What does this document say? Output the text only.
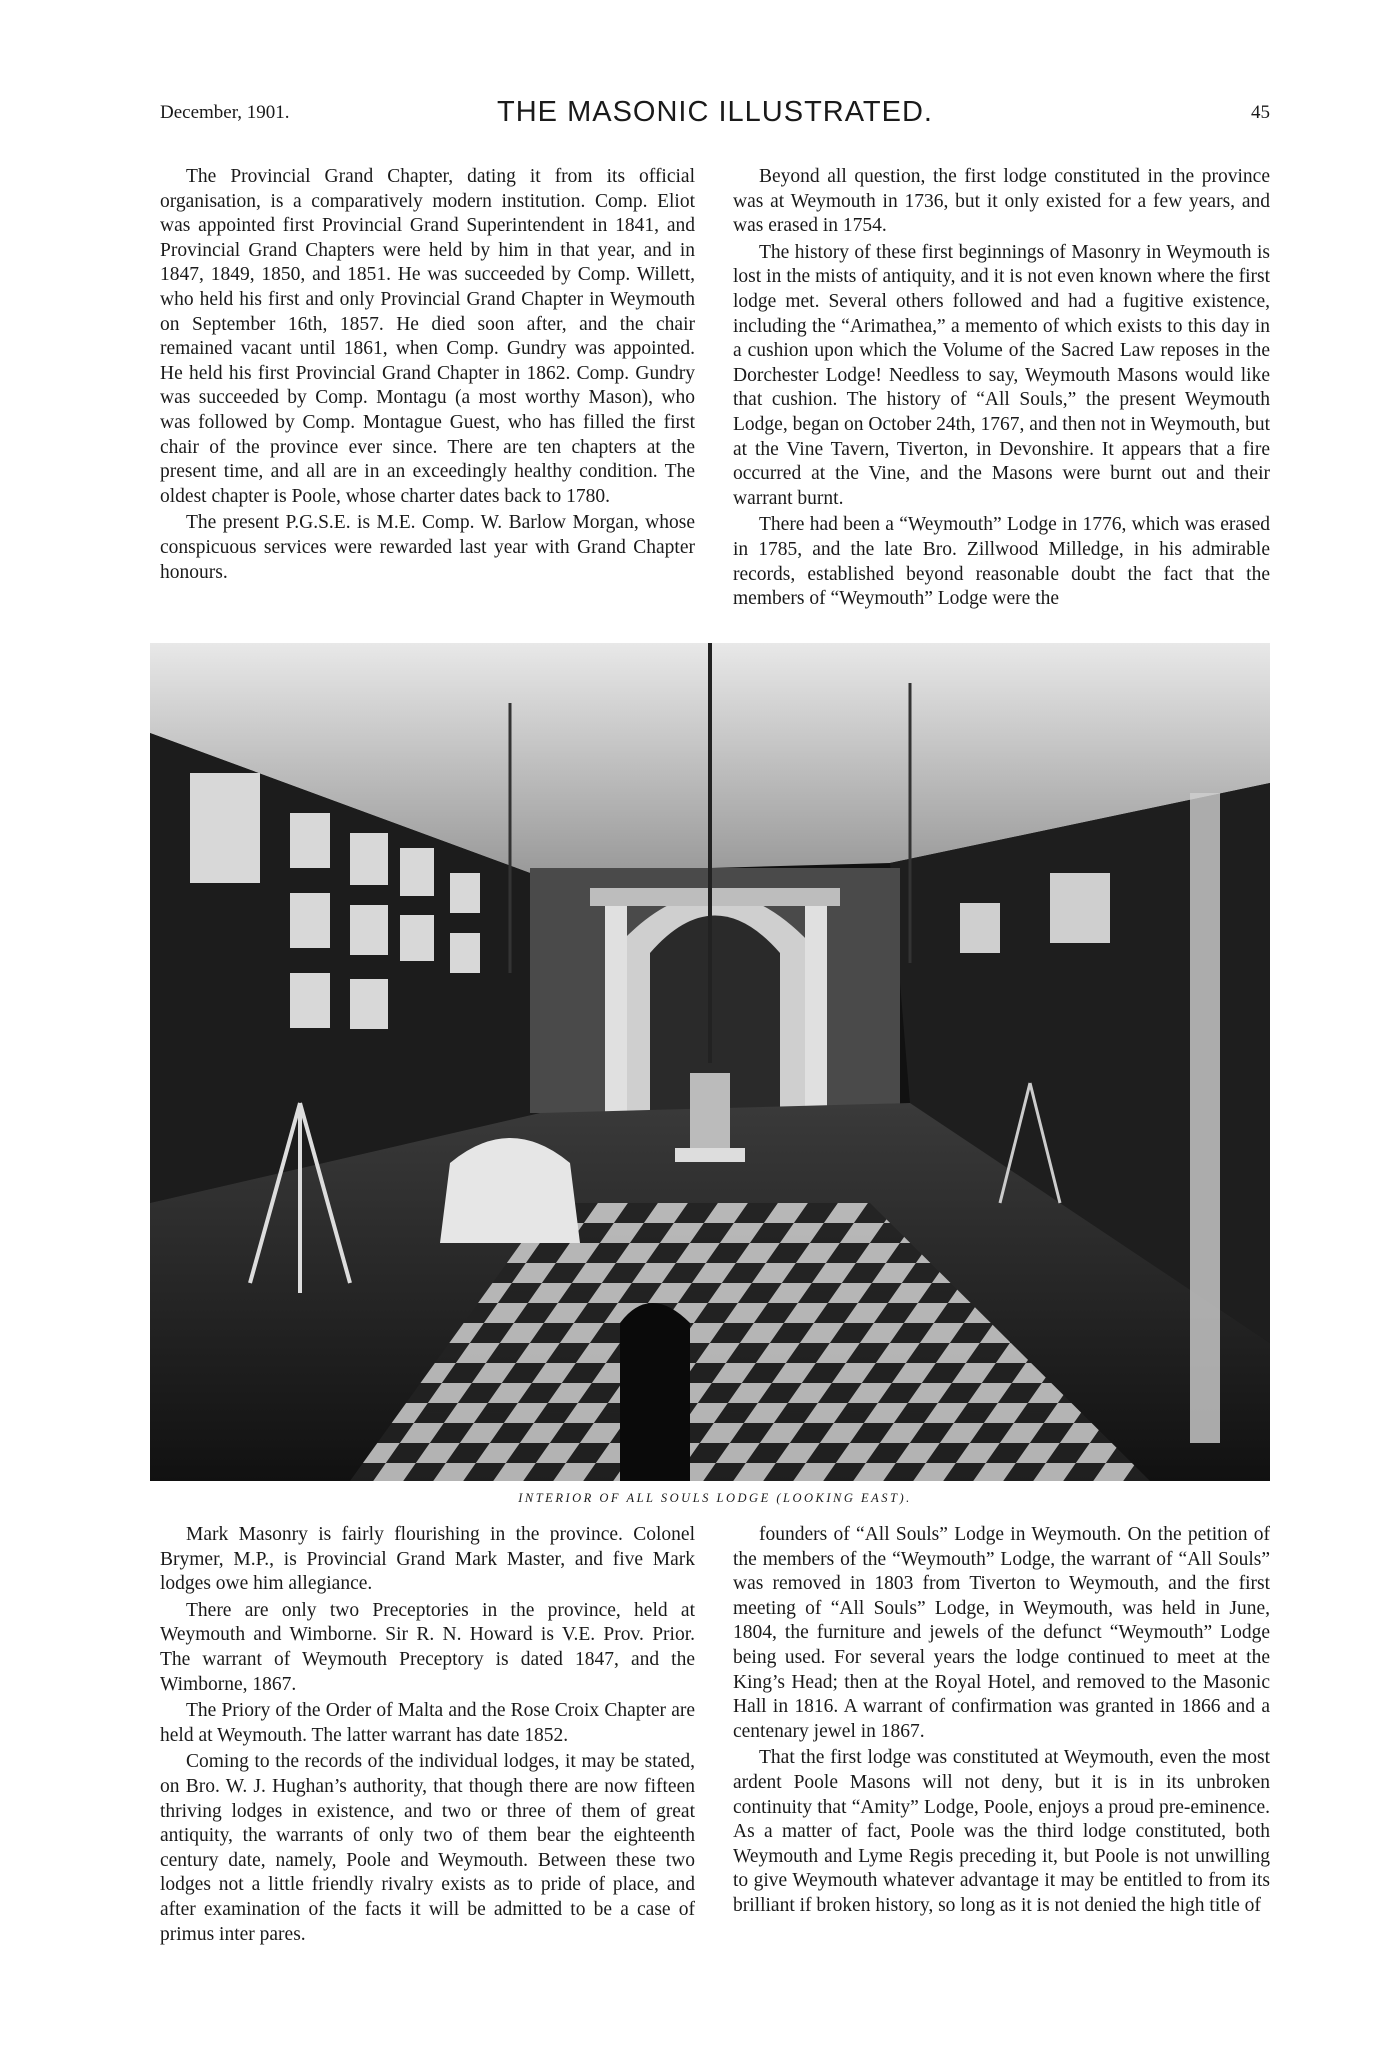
December, 1901.	THE MASONIC ILLUSTRATED.	45

The Provincial Grand Chapter, dating it from its official organisation, is a comparatively modern institution. Comp. Eliot was appointed first Provincial Grand Superintendent in 1841, and Provincial Grand Chapters were held by him in that year, and in 1847, 1849, 1850, and 1851. He was succeeded by Comp. Willett, who held his first and only Provincial Grand Chapter in Weymouth on September 16th, 1857. He died soon after, and the chair remained vacant until 1861, when Comp. Gundry was appointed. He held his first Provincial Grand Chapter in 1862. Comp. Gundry was succeeded by Comp. Montagu (a most worthy Mason), who was followed by Comp. Montague Guest, who has filled the first chair of the province ever since. There are ten chapters at the present time, and all are in an exceedingly healthy condition. The oldest chapter is Poole, whose charter dates back to 1780.

The present P.G.S.E. is M.E. Comp. W. Barlow Morgan, whose conspicuous services were rewarded last year with Grand Chapter honours.

Beyond all question, the first lodge constituted in the province was at Weymouth in 1736, but it only existed for a few years, and was erased in 1754.

The history of these first beginnings of Masonry in Weymouth is lost in the mists of antiquity, and it is not even known where the first lodge met. Several others followed and had a fugitive existence, including the “Arimathea,” a memento of which exists to this day in a cushion upon which the Volume of the Sacred Law reposes in the Dorchester Lodge! Needless to say, Weymouth Masons would like that cushion. The history of “All Souls,” the present Weymouth Lodge, began on October 24th, 1767, and then not in Weymouth, but at the Vine Tavern, Tiverton, in Devonshire. It appears that a fire occurred at the Vine, and the Masons were burnt out and their warrant burnt.

There had been a “Weymouth” Lodge in 1776, which was erased in 1785, and the late Bro. Zillwood Milledge, in his admirable records, established beyond reasonable doubt the fact that the members of “Weymouth” Lodge were the

INTERIOR OF ALL SOULS LODGE (LOOKING EAST).

Mark Masonry is fairly flourishing in the province. Colonel Brymer, M.P., is Provincial Grand Mark Master, and five Mark lodges owe him allegiance.

There are only two Preceptories in the province, held at Weymouth and Wimborne. Sir R. N. Howard is V.E. Prov. Prior. The warrant of Weymouth Preceptory is dated 1847, and the Wimborne, 1867.

The Priory of the Order of Malta and the Rose Croix Chapter are held at Weymouth. The latter warrant has date 1852.

Coming to the records of the individual lodges, it may be stated, on Bro. W. J. Hughan’s authority, that though there are now fifteen thriving lodges in existence, and two or three of them of great antiquity, the warrants of only two of them bear the eighteenth century date, namely, Poole and Weymouth. Between these two lodges not a little friendly rivalry exists as to pride of place, and after examination of the facts it will be admitted to be a case of primus inter pares.

founders of “All Souls” Lodge in Weymouth. On the petition of the members of the “Weymouth” Lodge, the warrant of “All Souls” was removed in 1803 from Tiverton to Weymouth, and the first meeting of “All Souls” Lodge, in Weymouth, was held in June, 1804, the furniture and jewels of the defunct “Weymouth” Lodge being used. For several years the lodge continued to meet at the King’s Head; then at the Royal Hotel, and removed to the Masonic Hall in 1816. A warrant of confirmation was granted in 1866 and a centenary jewel in 1867.

That the first lodge was constituted at Weymouth, even the most ardent Poole Masons will not deny, but it is in its unbroken continuity that “Amity” Lodge, Poole, enjoys a proud pre-eminence. As a matter of fact, Poole was the third lodge constituted, both Weymouth and Lyme Regis preceding it, but Poole is not unwilling to give Weymouth whatever advantage it may be entitled to from its brilliant if broken history, so long as it is not denied the high title of
